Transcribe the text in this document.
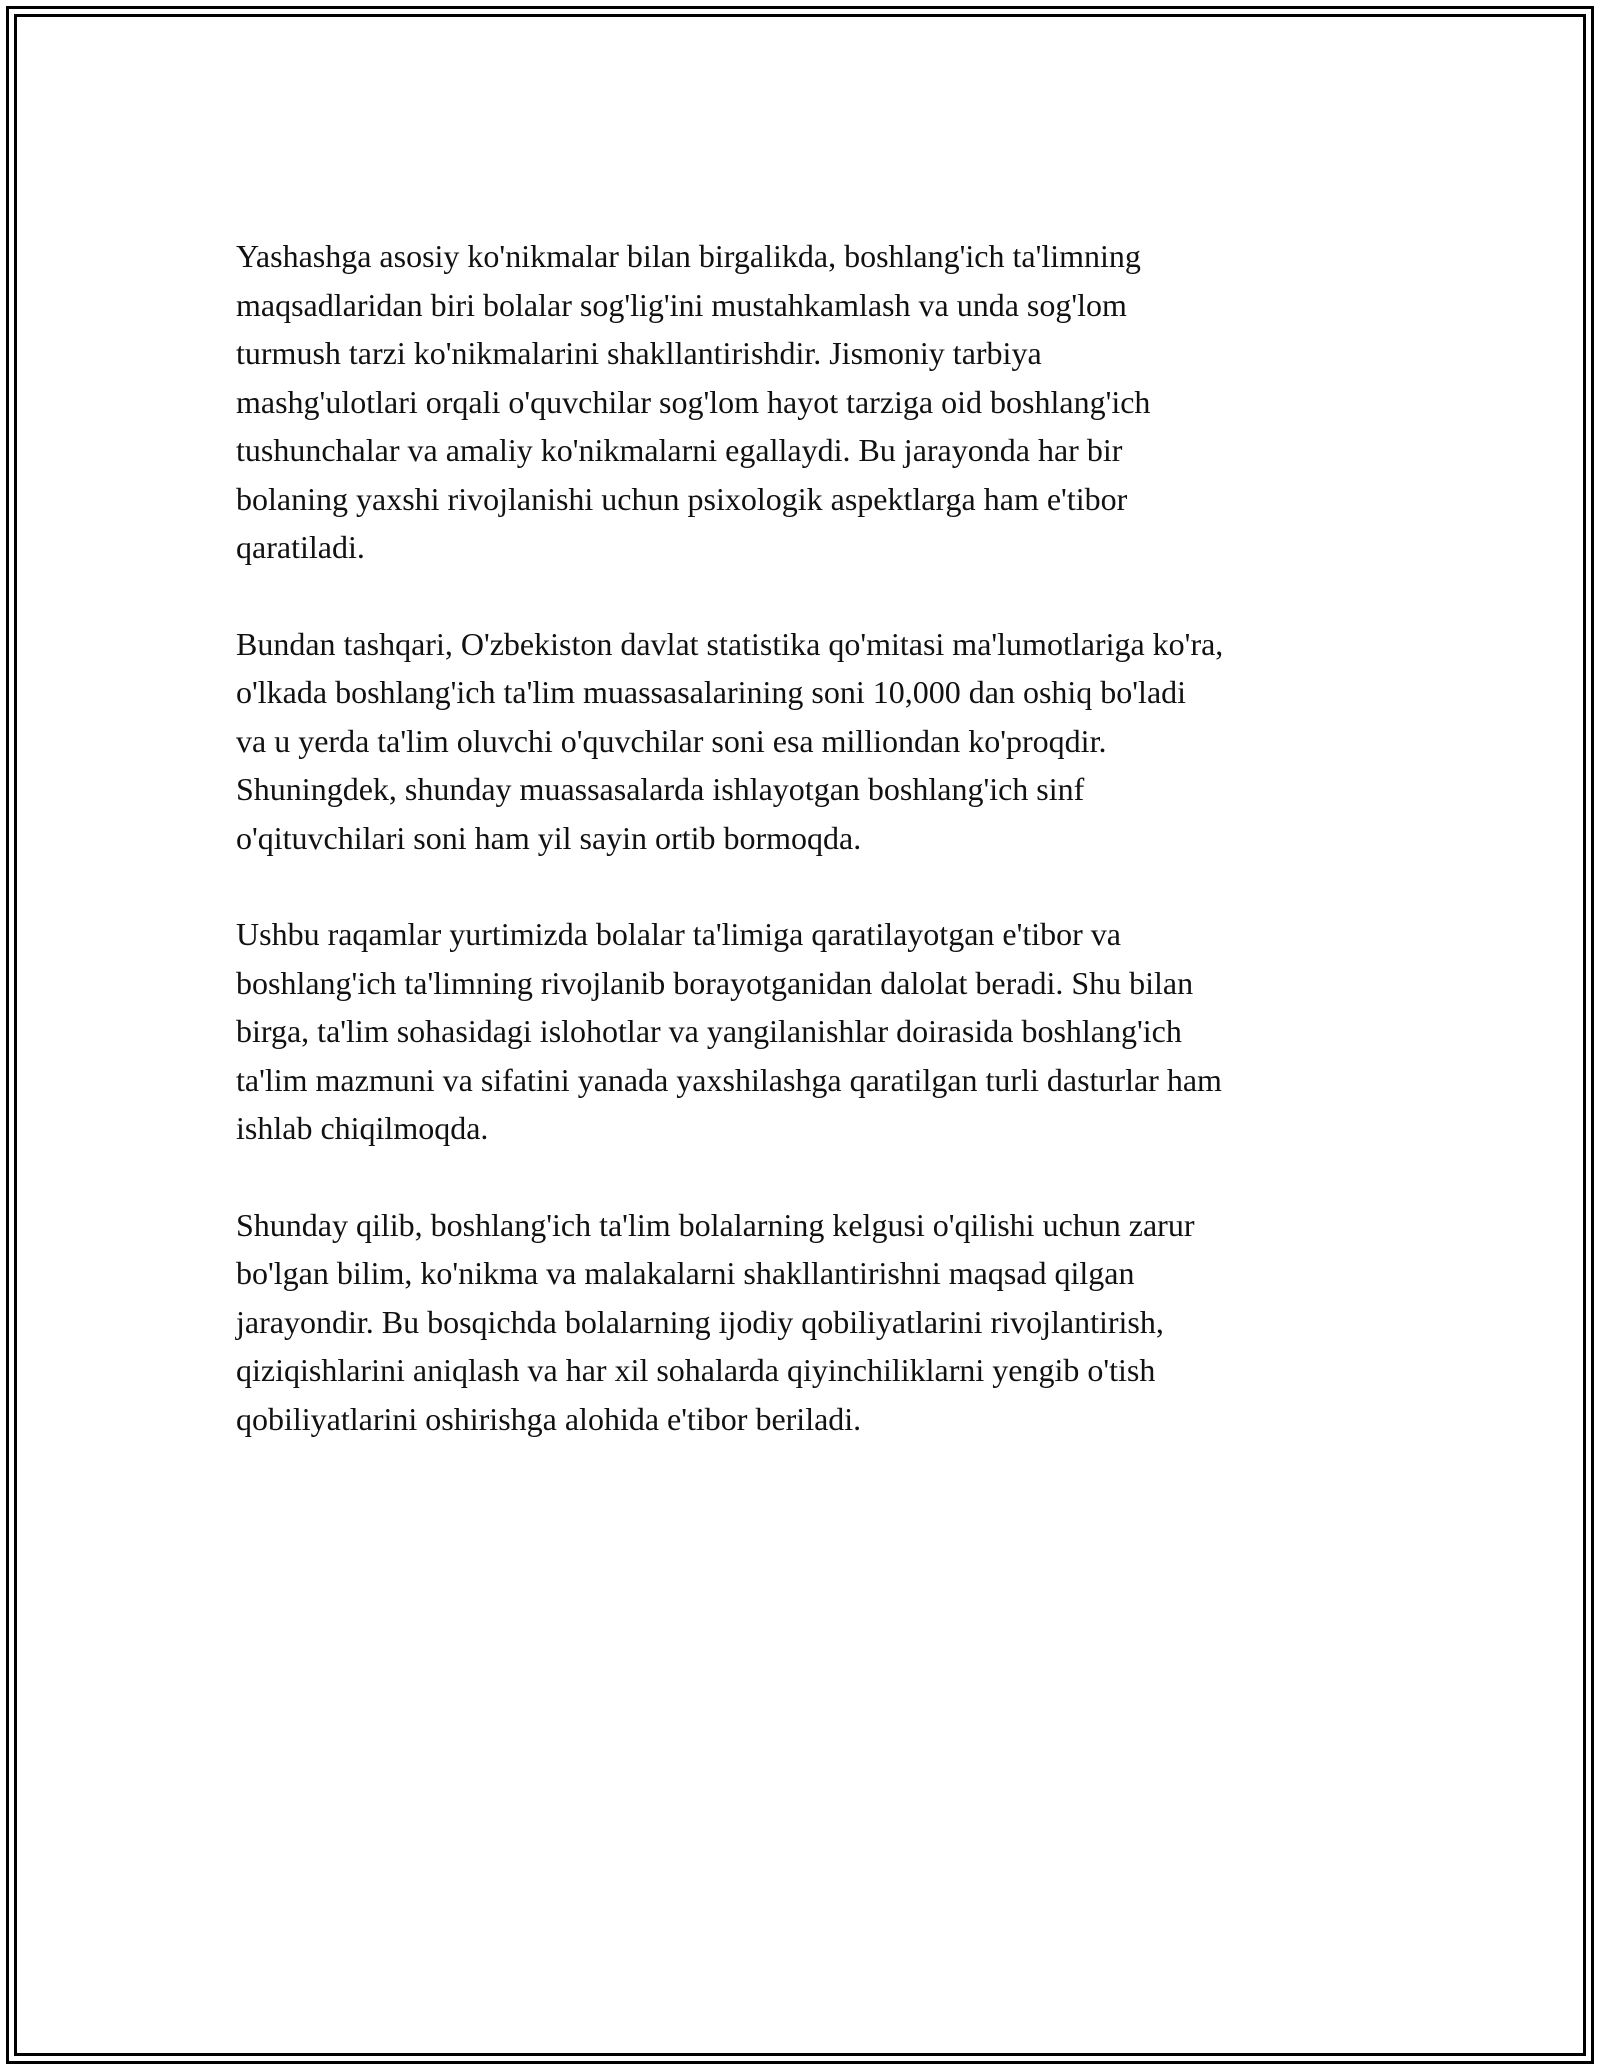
Yashashga asosiy ko'nikmalar bilan birgalikda, boshlang'ich ta'limning
maqsadlaridan biri bolalar sog'lig'ini mustahkamlash va unda sog'lom
turmush tarzi ko'nikmalarini shakllantirishdir. Jismoniy tarbiya
mashg'ulotlari orqali o'quvchilar sog'lom hayot tarziga oid boshlang'ich
tushunchalar va amaliy ko'nikmalarni egallaydi. Bu jarayonda har bir
bolaning yaxshi rivojlanishi uchun psixologik aspektlarga ham e'tibor
qaratiladi.

Bundan tashqari, O'zbekiston davlat statistika qo'mitasi ma'lumotlariga ko'ra,
o'lkada boshlang'ich ta'lim muassasalarining soni 10,000 dan oshiq bo'ladi
va u yerda ta'lim oluvchi o'quvchilar soni esa milliondan ko'proqdir.
Shuningdek, shunday muassasalarda ishlayotgan boshlang'ich sinf
o'qituvchilari soni ham yil sayin ortib bormoqda.

Ushbu raqamlar yurtimizda bolalar ta'limiga qaratilayotgan e'tibor va
boshlang'ich ta'limning rivojlanib borayotganidan dalolat beradi. Shu bilan
birga, ta'lim sohasidagi islohotlar va yangilanishlar doirasida boshlang'ich
ta'lim mazmuni va sifatini yanada yaxshilashga qaratilgan turli dasturlar ham
ishlab chiqilmoqda.

Shunday qilib, boshlang'ich ta'lim bolalarning kelgusi o'qilishi uchun zarur
bo'lgan bilim, ko'nikma va malakalarni shakllantirishni maqsad qilgan
jarayondir. Bu bosqichda bolalarning ijodiy qobiliyatlarini rivojlantirish,
qiziqishlarini aniqlash va har xil sohalarda qiyinchiliklarni yengib o'tish
qobiliyatlarini oshirishga alohida e'tibor beriladi.
